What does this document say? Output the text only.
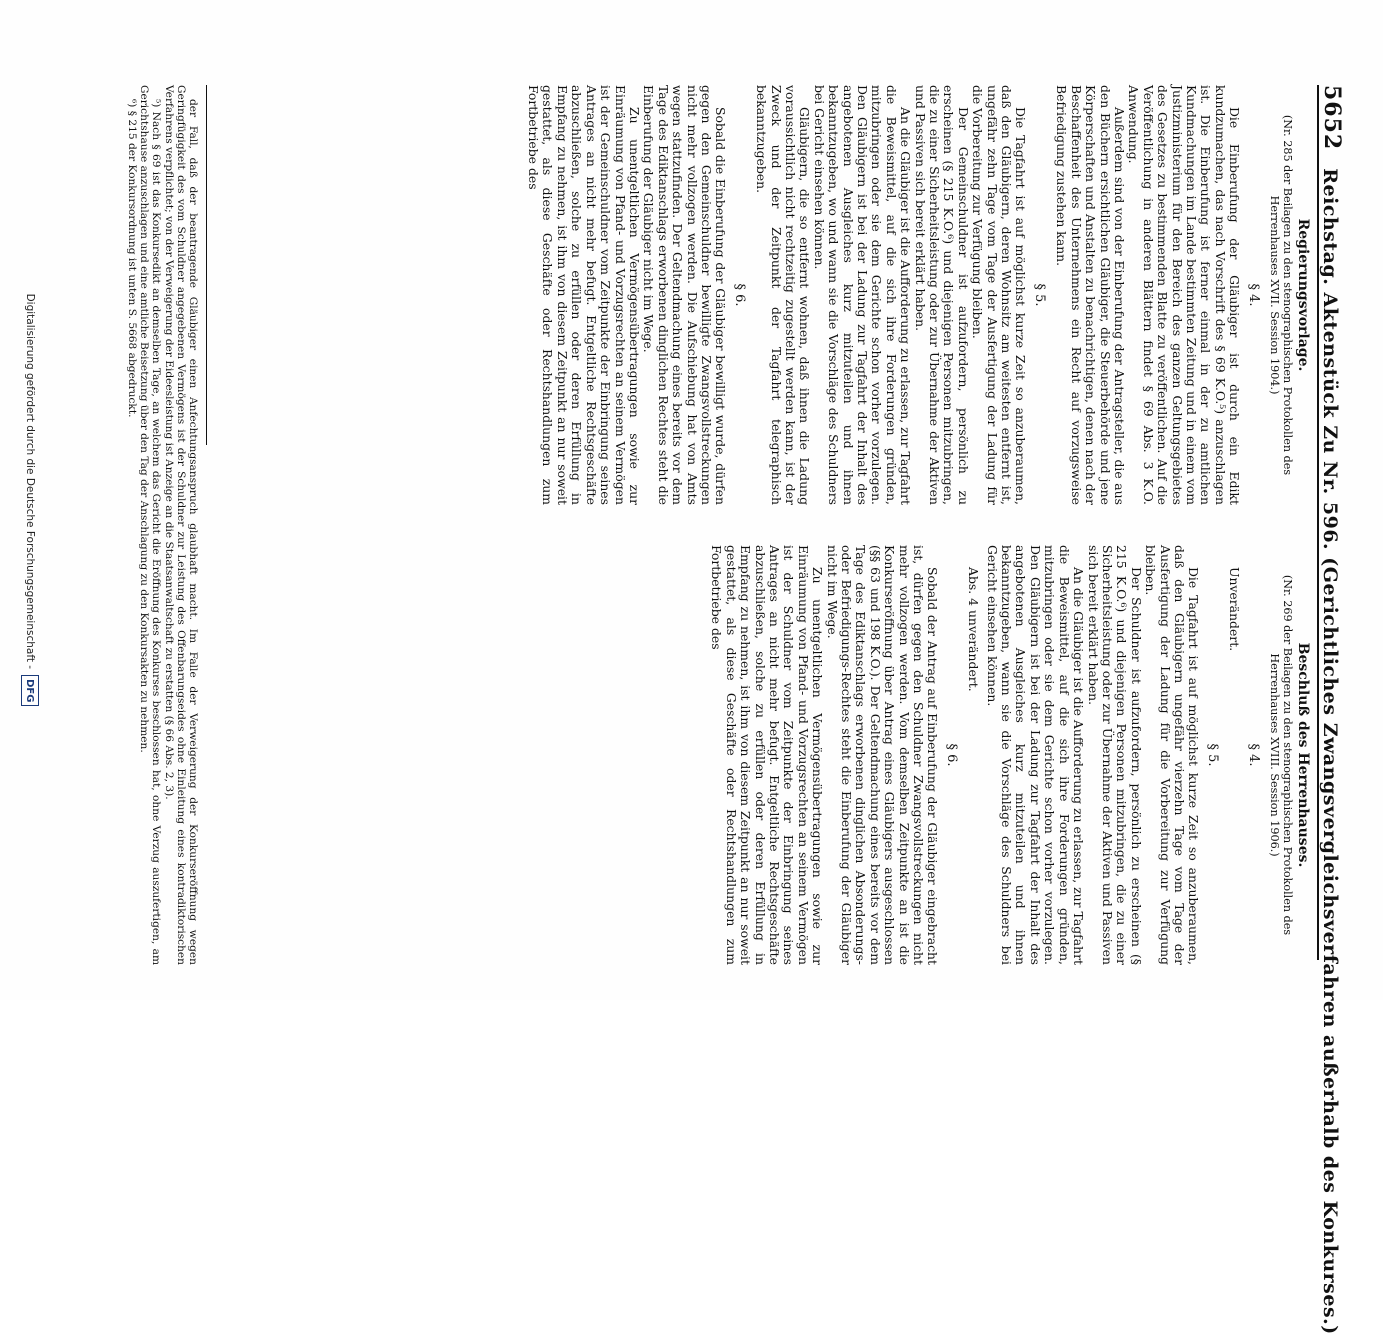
5652
Reichstag. Aktenstück Zu Nr. 596. (Gerichtliches Zwangsvergleichsverfahren außerhalb des Konkurses.)

Regierungsvorlage.

(Nr. 285 der Beilagen zu den stenographischen Protokollen des Herrenhauses XVII. Session 1904.)

§ 4.

Die Einberufung der Gläubiger ist durch ein Edikt kundzumachen, das nach Vorschrift des § 69 K.O.⁵) anzuschlagen ist. Die Einberufung ist ferner einmal in der zu amtlichen Kundmachungen im Lande bestimmten Zeitung und in einem vom Justizministerium für den Bereich des ganzen Geltungsgebietes des Gesetzes zu bestimmenden Blatte zu veröffentlichen. Auf die Veröffentlichung in anderen Blättern findet § 69 Abs. 3 K.O. Anwendung.

Außerdem sind von der Einberufung der Antragsteller, die aus den Büchern ersichtlichen Gläubiger, die Steuerbehörde und jene Körperschaften und Anstalten zu benachrichtigen, denen nach der Beschaffenheit des Unternehmens ein Recht auf vorzugsweise Befriedigung zustehen kann.

§ 5.

Die Tagfahrt ist auf möglichst kurze Zeit so anzuberaumen, daß den Gläubigern, deren Wohnsitz am weitesten entfernt ist, ungefähr zehn Tage vom Tage der Ausfertigung der Ladung für die Vorbereitung zur Verfügung bleiben.

Der Gemeinschuldner ist aufzufordern, persönlich zu erscheinen (§ 215 K.O.⁶) und diejenigen Personen mitzubringen, die zu einer Sicherheitsleistung oder zur Übernahme der Aktiven und Passiven sich bereit erklärt haben.

An die Gläubiger ist die Aufforderung zu erlassen, zur Tagfahrt die Beweismittel, auf die sich ihre Forderungen gründen, mitzubringen oder sie dem Gerichte schon vorher vorzulegen. Den Gläubigern ist bei der Ladung zur Tagfahrt der Inhalt des angebotenen Ausgleiches kurz mitzuteilen und ihnen bekanntzugeben, wo und wann sie die Vorschläge des Schuldners bei Gericht einsehen können.

Gläubigern, die so entfernt wohnen, daß ihnen die Ladung voraussichtlich nicht rechtzeitig zugestellt werden kann, ist der Zweck und der Zeitpunkt der Tagfahrt telegraphisch bekanntzugeben.

§ 6.

Sobald die Einberufung der Gläubiger bewilligt wurde, dürfen gegen den Gemeinschuldner bewilligte Zwangsvollstreckungen nicht mehr vollzogen werden. Die Aufschiebung hat von Amts wegen stattzufinden. Der Geltendmachung eines bereits vor dem Tage des Ediktanschlags erworbenen dinglichen Rechtes steht die Einberufung der Gläubiger nicht im Wege.

Zu unentgeltlichen Vermögensübertragungen sowie zur Einräumung von Pfand- und Vorzugsrechten an seinem Vermögen ist der Gemeinschuldner vom Zeitpunkte der Einbringung seines Antrages an nicht mehr befugt. Entgeltliche Rechtsgeschäfte abzuschließen, solche zu erfüllen oder deren Erfüllung in Empfang zu nehmen, ist ihm von diesem Zeitpunkt an nur soweit gestattet, als diese Geschäfte oder Rechtshandlungen zum Fortbetriebe des

Beschluß des Herrenhauses.

(Nr. 269 der Beilagen zu den stenographischen Protokollen des Herrenhauses XVIII. Session 1906.)

§ 4.

Unverändert.

§ 5.

Die Tagfahrt ist auf möglichst kurze Zeit so anzuberaumen, daß den Gläubigern ungefähr vierzehn Tage vom Tage der Ausfertigung der Ladung für die Vorbereitung zur Verfügung bleiben.

Der Schuldner ist aufzufordern, persönlich zu erscheinen (§ 215 K.O.⁶) und diejenigen Personen mitzubringen, die zu einer Sicherheitsleistung oder zur Übernahme der Aktiven und Passiven sich bereit erklärt haben.

An die Gläubiger ist die Aufforderung zu erlassen, zur Tagfahrt die Beweismittel, auf die sich ihre Forderungen gründen, mitzubringen oder sie dem Gerichte schon vorher vorzulegen. Den Gläubigern ist bei der Ladung zur Tagfahrt der Inhalt des angebotenen Ausgleiches kurz mitzuteilen und ihnen bekanntzugeben, wann sie die Vorschläge des Schuldners bei Gericht einsehen können.

Abs. 4 unverändert.

§ 6.

Sobald der Antrag auf Einberufung der Gläubiger eingebracht ist, dürfen gegen den Schuldner Zwangsvollstreckungen nicht mehr vollzogen werden. Vom demselben Zeitpunkte an ist die Konkurseröffnung über Antrag eines Gläubigers ausgeschlossen (§§ 63 und 198 K.O.). Der Geltendmachung eines bereits vor dem Tage des Ediktanschlags erworbenen dinglichen Absonderungs- oder Befriedigungs-Rechtes steht die Einberufung der Gläubiger nicht im Wege.

Zu unentgeltlichen Vermögensübertragungen sowie zur Einräumung von Pfand- und Vorzugsrechten an seinem Vermögen ist der Schuldner vom Zeitpunkte der Einbringung seines Antrages an nicht mehr befugt. Entgeltliche Rechtsgeschäfte abzuschließen, solche zu erfüllen oder deren Erfüllung in Empfang zu nehmen, ist ihm von diesem Zeitpunkt an nur soweit gestattet, als diese Geschäfte oder Rechtshandlungen zum Fortbetriebe des

der Fall, daß der beantragende Gläubiger einen Anfechtungsanspruch glaubhaft macht. Im Falle der Verweigerung der Konkurseröffnung wegen Geringfügigkeit des vom Schuldner angegebenen Vermögens ist der Schuldner zur Leistung des Offenbarungseides ohne Einleitung eines kontradiktorischen Verfahrens verpflichtet; von der Verweigerung der Eideesleistung ist Anzeige an die Staatsanwaltschaft zu erstatten (§ 66 Abs. 2, 3).

⁵) Nach § 69 ist das Konkursedikt an demselben Tage, an welchem das Gericht die Eröffnung des Konkurses beschlossen hat, ohne Verzug auszufertigen, am Gerichtshause anzuschlagen und eine amtliche Beisetzung über den Tag der Anschlagung zu den Konkursakten zu nehmen.

⁶) § 215 der Konkursordnung ist unten S. 5668 abgedruckt.

Digitalisierung gefördert durch die Deutsche Forschungsgemeinschaft -
DFG
